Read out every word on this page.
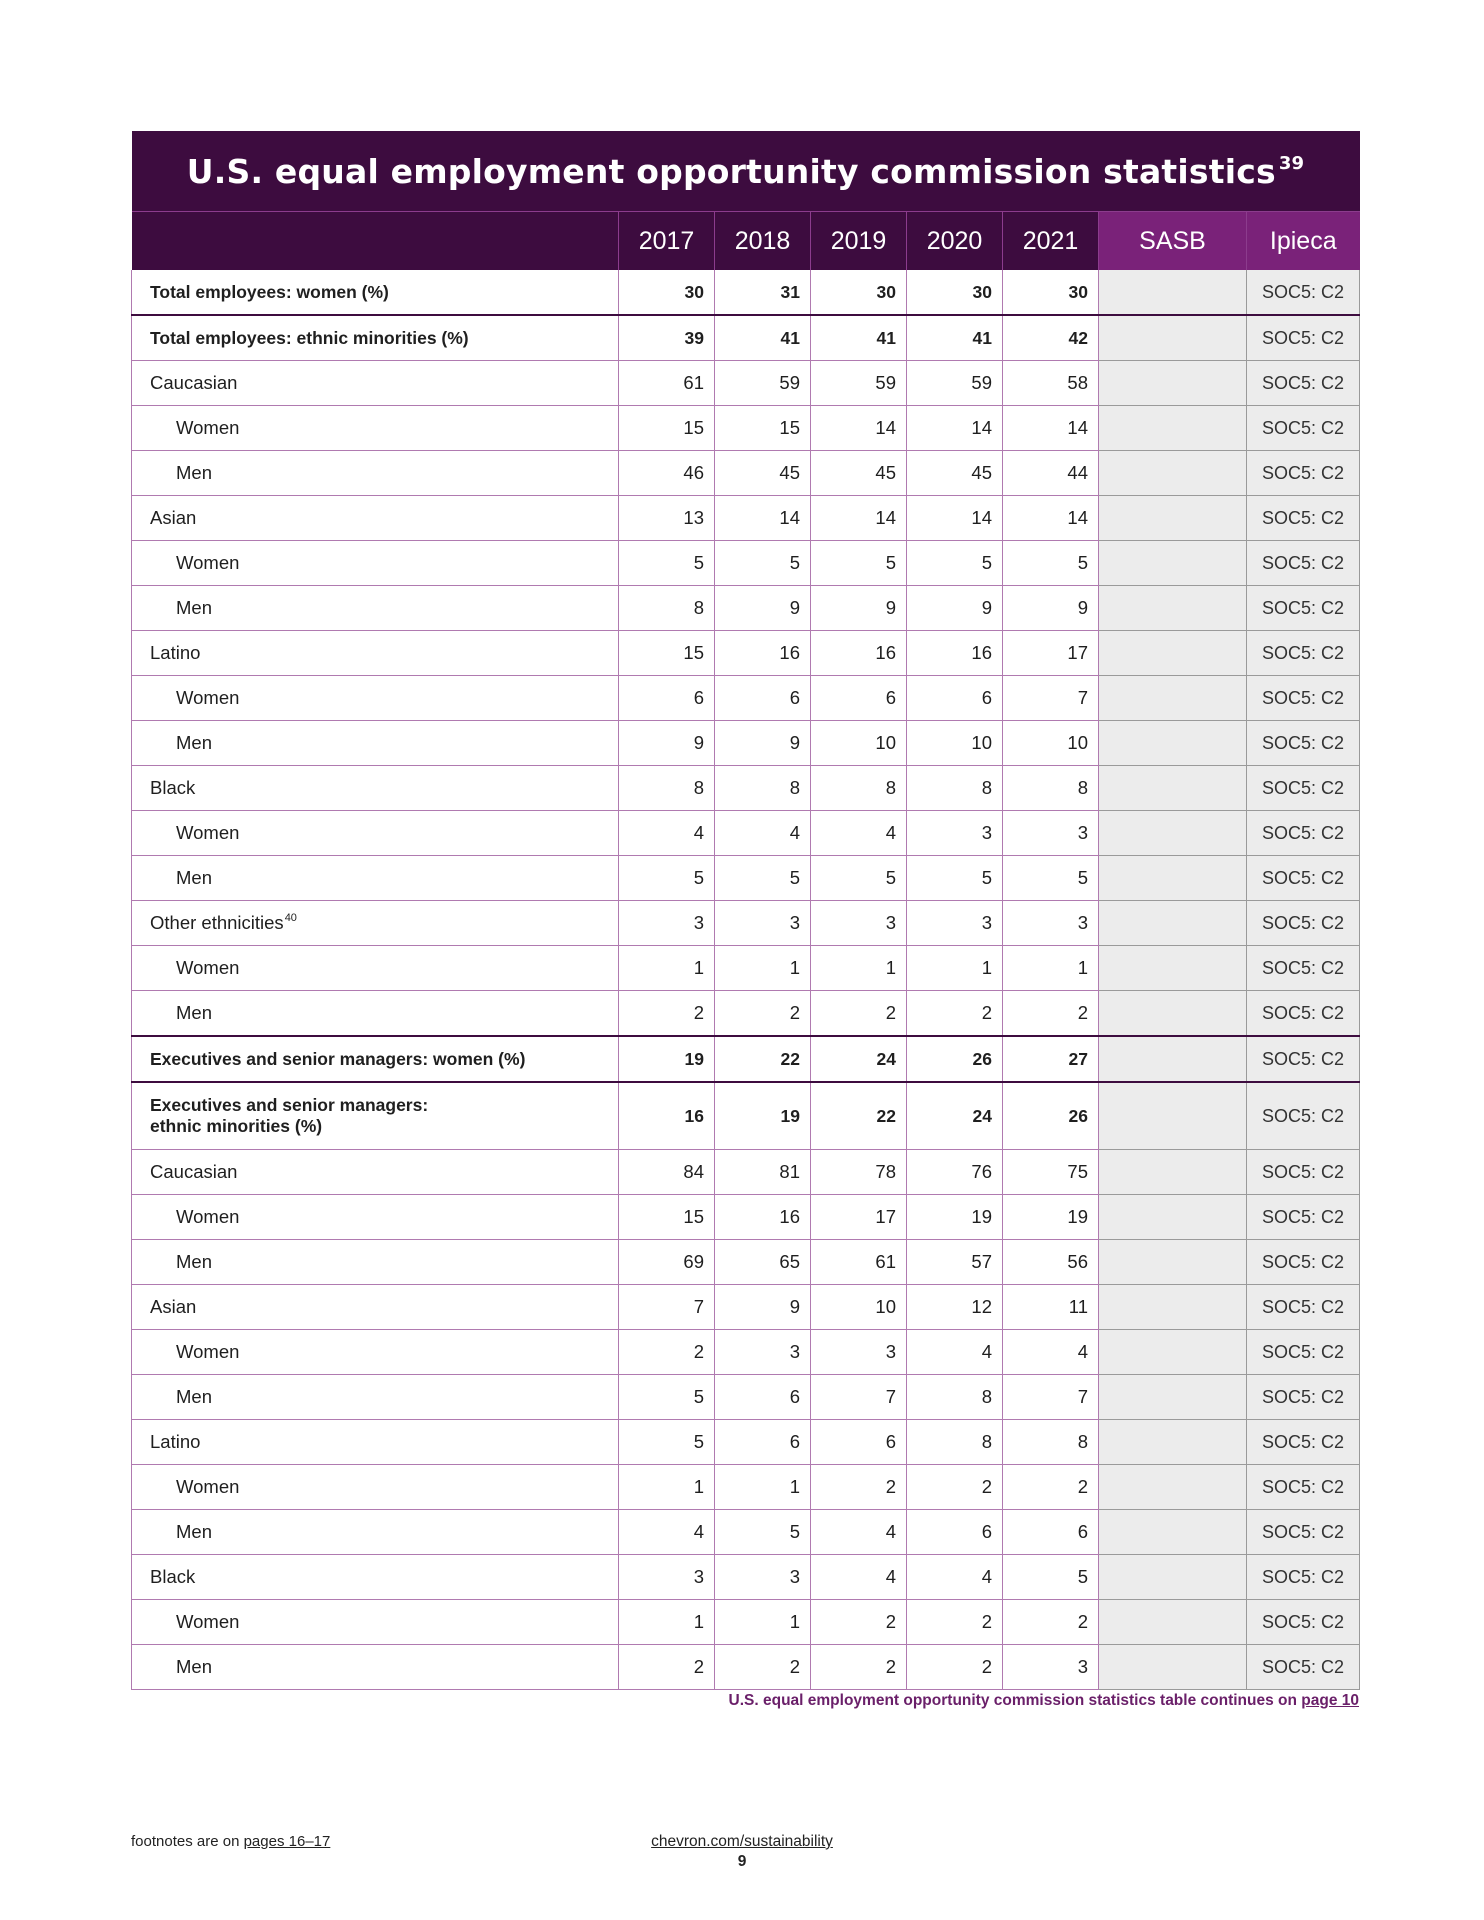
U.S. equal employment opportunity commission statistics $^{39}$
	2017	2018	2019	2020	2021	SASB	Ipieca
Total employees: women (%)	30	31	30	30	30		SOC5: C2
Total employees: ethnic minorities (%)	39	41	41	41	42		SOC5: C2
Caucasian	61	59	59	59	58		SOC5: C2
Women	15	15	14	14	14		SOC5: C2
Men	46	45	45	45	44		SOC5: C2
Asian	13	14	14	14	14		SOC5: C2
Women	5	5	5	5	5		SOC5: C2
Men	8	9	9	9	9		SOC5: C2
Latino	15	16	16	16	17		SOC5: C2
Women	6	6	6	6	7		SOC5: C2
Men	9	9	10	10	10		SOC5: C2
Black	8	8	8	8	8		SOC5: C2
Women	4	4	4	3	3		SOC5: C2
Men	5	5	5	5	5		SOC5: C2
Other ethnicities$^{40}$	3	3	3	3	3		SOC5: C2
Women	1	1	1	1	1		SOC5: C2
Men	2	2	2	2	2		SOC5: C2
Executives and senior managers: women (%)	19	22	24	26	27		SOC5: C2
Executives and senior managers:
ethnic minorities (%)	16	19	22	24	26		SOC5: C2
Caucasian	84	81	78	76	75		SOC5: C2
Women	15	16	17	19	19		SOC5: C2
Men	69	65	61	57	56		SOC5: C2
Asian	7	9	10	12	11		SOC5: C2
Women	2	3	3	4	4		SOC5: C2
Men	5	6	7	8	7		SOC5: C2
Latino	5	6	6	8	8		SOC5: C2
Women	1	1	2	2	2		SOC5: C2
Men	4	5	4	6	6		SOC5: C2
Black	3	3	4	4	5		SOC5: C2
Women	1	1	2	2	2		SOC5: C2
Men	2	2	2	2	3		SOC5: C2
U.S. equal employment opportunity commission statistics table continues on page 10
footnotes are on pages 16–17	chevron.com/sustainability
9
